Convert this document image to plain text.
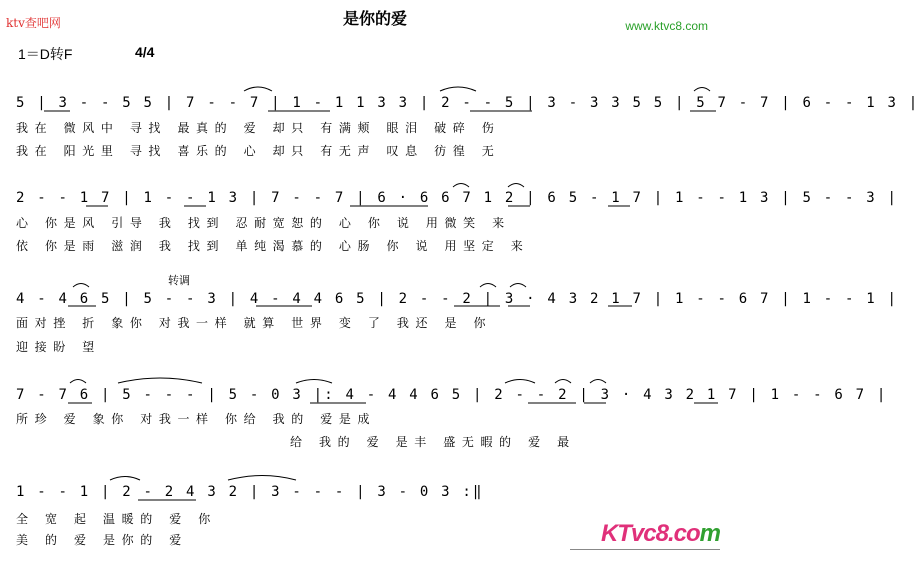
ktv查吧网	是你的爱	www.ktvc8.com
1＝D转F	4/4
5 | 3 - - 5 5 | 7 - - 7 | 1 - 1 1 3 3 | 2 - - 5 | 3 - 3 3 5 5 | 5 7 - 7 | 6 - - 1 3 |
我在 微风中 寻找 最真的 爱 却只 有满颊 眼泪 破碎 伤
我在 阳光里 寻找 喜乐的 心 却只 有无声 叹息 彷徨 无
2 - - 1 7 | 1 - - 1 3 | 7 - - 7 | 6 · 6 6 7 1 2 | 6 5 - 1 7 | 1 - - 1 3 | 5 - - 3 |
心 你是风 引导 我 找到 忍耐宽恕的 心 你 说 用微笑 来
依 你是雨 滋润 我 找到 单纯渴慕的 心肠 你 说 用坚定 来
转调
4 - 4 6 5 | 5 - - 3 | 4 - 4 4 6 5 | 2 - - 2 | 3 · 4 3 2 1 7 | 1 - - 6 7 | 1 - - 1 |
面对挫 折 象你 对我一样 就算 世界 变 了 我还 是 你
迎接盼 望
7 - 7 6 | 5 - - - | 5 - 0 3 |: 4 - 4 4 6 5 | 2 - - 2 | 3 · 4 3 2 1 7 | 1 - - 6 7 |
所珍 爱 象你 对我一样 你给 我的 爱是成
给 我的 爱 是丰 盛无暇的 爱 最
1 - - 1 | 2 - 2 4 3 2 | 3 - - - | 3 - 0 3 :‖
全 宽 起 温暖的 爱 你
美 的 爱 是你的 爱	KTvc8.com
